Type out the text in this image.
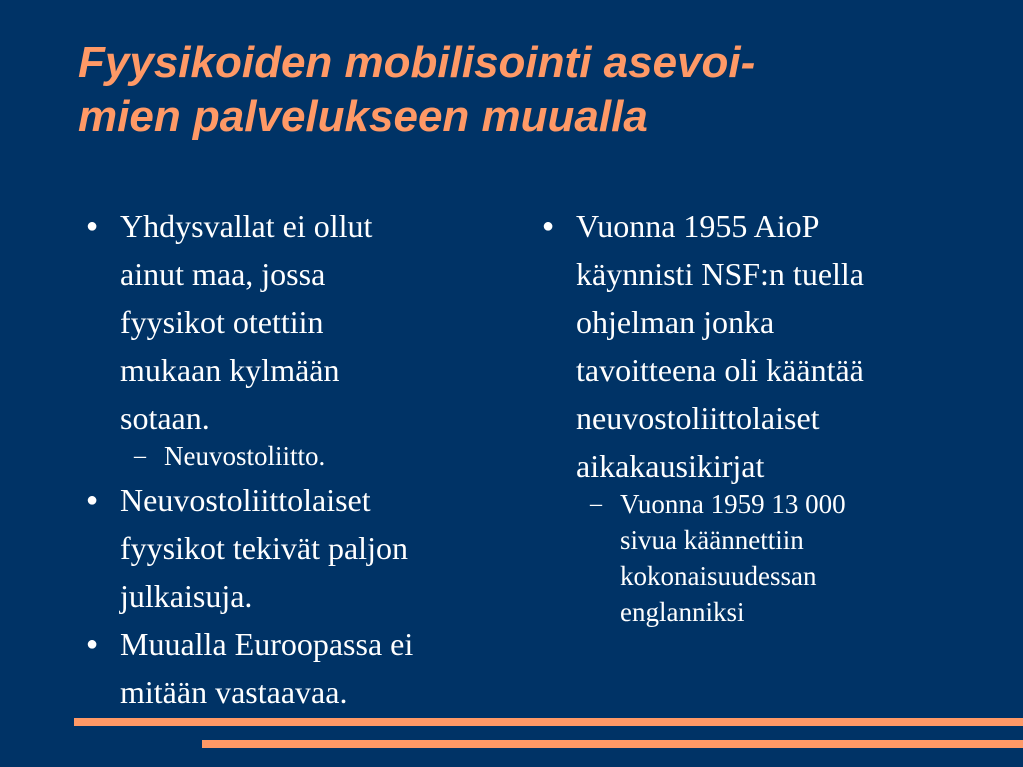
Fyysikoiden mobilisointi asevoi-
mien palvelukseen muualla
● Yhdysvallat ei ollut
ainut maa, jossa
fyysikot otettiin
mukaan kylmään
sotaan.
– Neuvostoliitto.
● Neuvostoliittolaiset
fyysikot tekivät paljon
julkaisuja.
● Muualla Euroopassa ei
mitään vastaavaa.
● Vuonna 1955 AioP
käynnisti NSF:n tuella
ohjelman jonka
tavoitteena oli kääntää
neuvostoliittolaiset
aikakausikirjat
– Vuonna 1959 13 000
sivua käännettiin
kokonaisuudessan
englanniksi
